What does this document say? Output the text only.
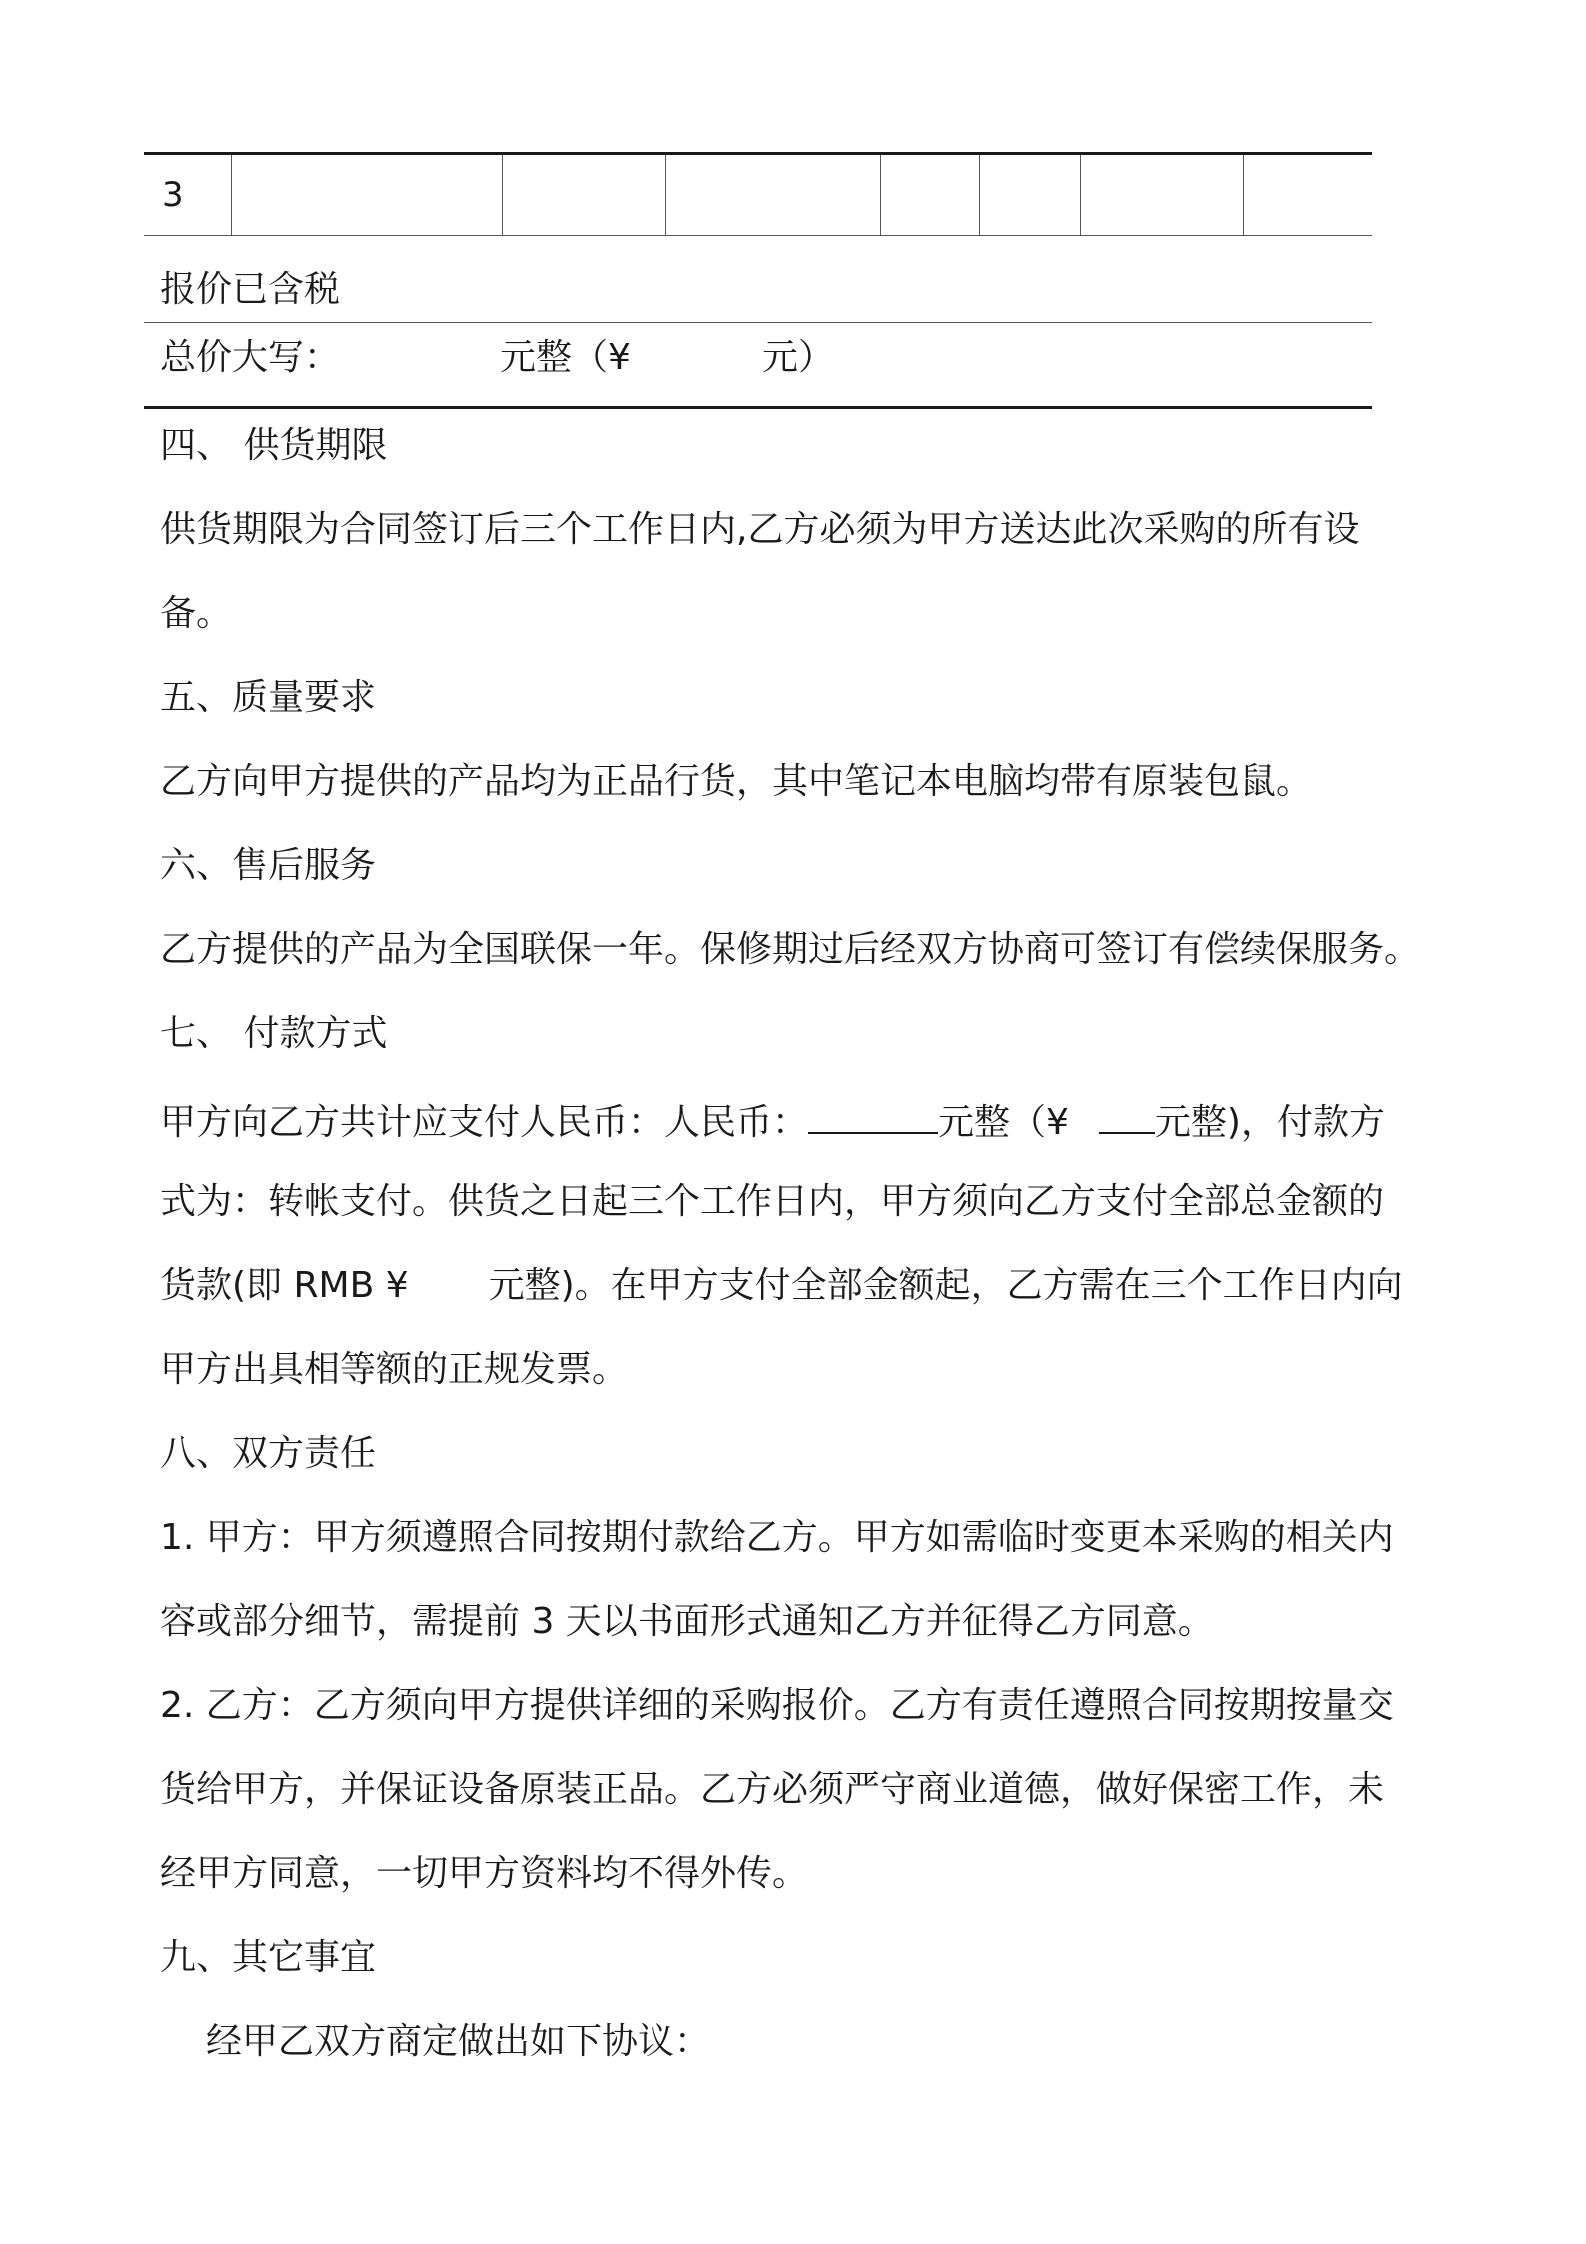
3
报价已含税
总价大写：	元整（¥	元）
四、 供货期限
供货期限为合同签订后三个工作日内,乙方必须为甲方送达此次采购的所有设
备。
五、质量要求
乙方向甲方提供的产品均为正品行货，其中笔记本电脑均带有原装包鼠。
六、售后服务
乙方提供的产品为全国联保一年。保修期过后经双方协商可签订有偿续保服务。
七、 付款方式
甲方向乙方共计应支付人民币：人民币：	元整（¥ 元整)，付款方
式为：转帐支付。供货之日起三个工作日内，甲方须向乙方支付全部总金额的
货款(即 RMB ¥ 元整)。在甲方支付全部金额起，乙方需在三个工作日内向
甲方出具相等额的正规发票。
八、双方责任
1. 甲方：甲方须遵照合同按期付款给乙方。甲方如需临时变更本采购的相关内
容或部分细节，需提前 3 天以书面形式通知乙方并征得乙方同意。
2. 乙方：乙方须向甲方提供详细的采购报价。乙方有责任遵照合同按期按量交
货给甲方，并保证设备原装正品。乙方必须严守商业道德，做好保密工作，未
经甲方同意，一切甲方资料均不得外传。
九、其它事宜
经甲乙双方商定做出如下协议：
